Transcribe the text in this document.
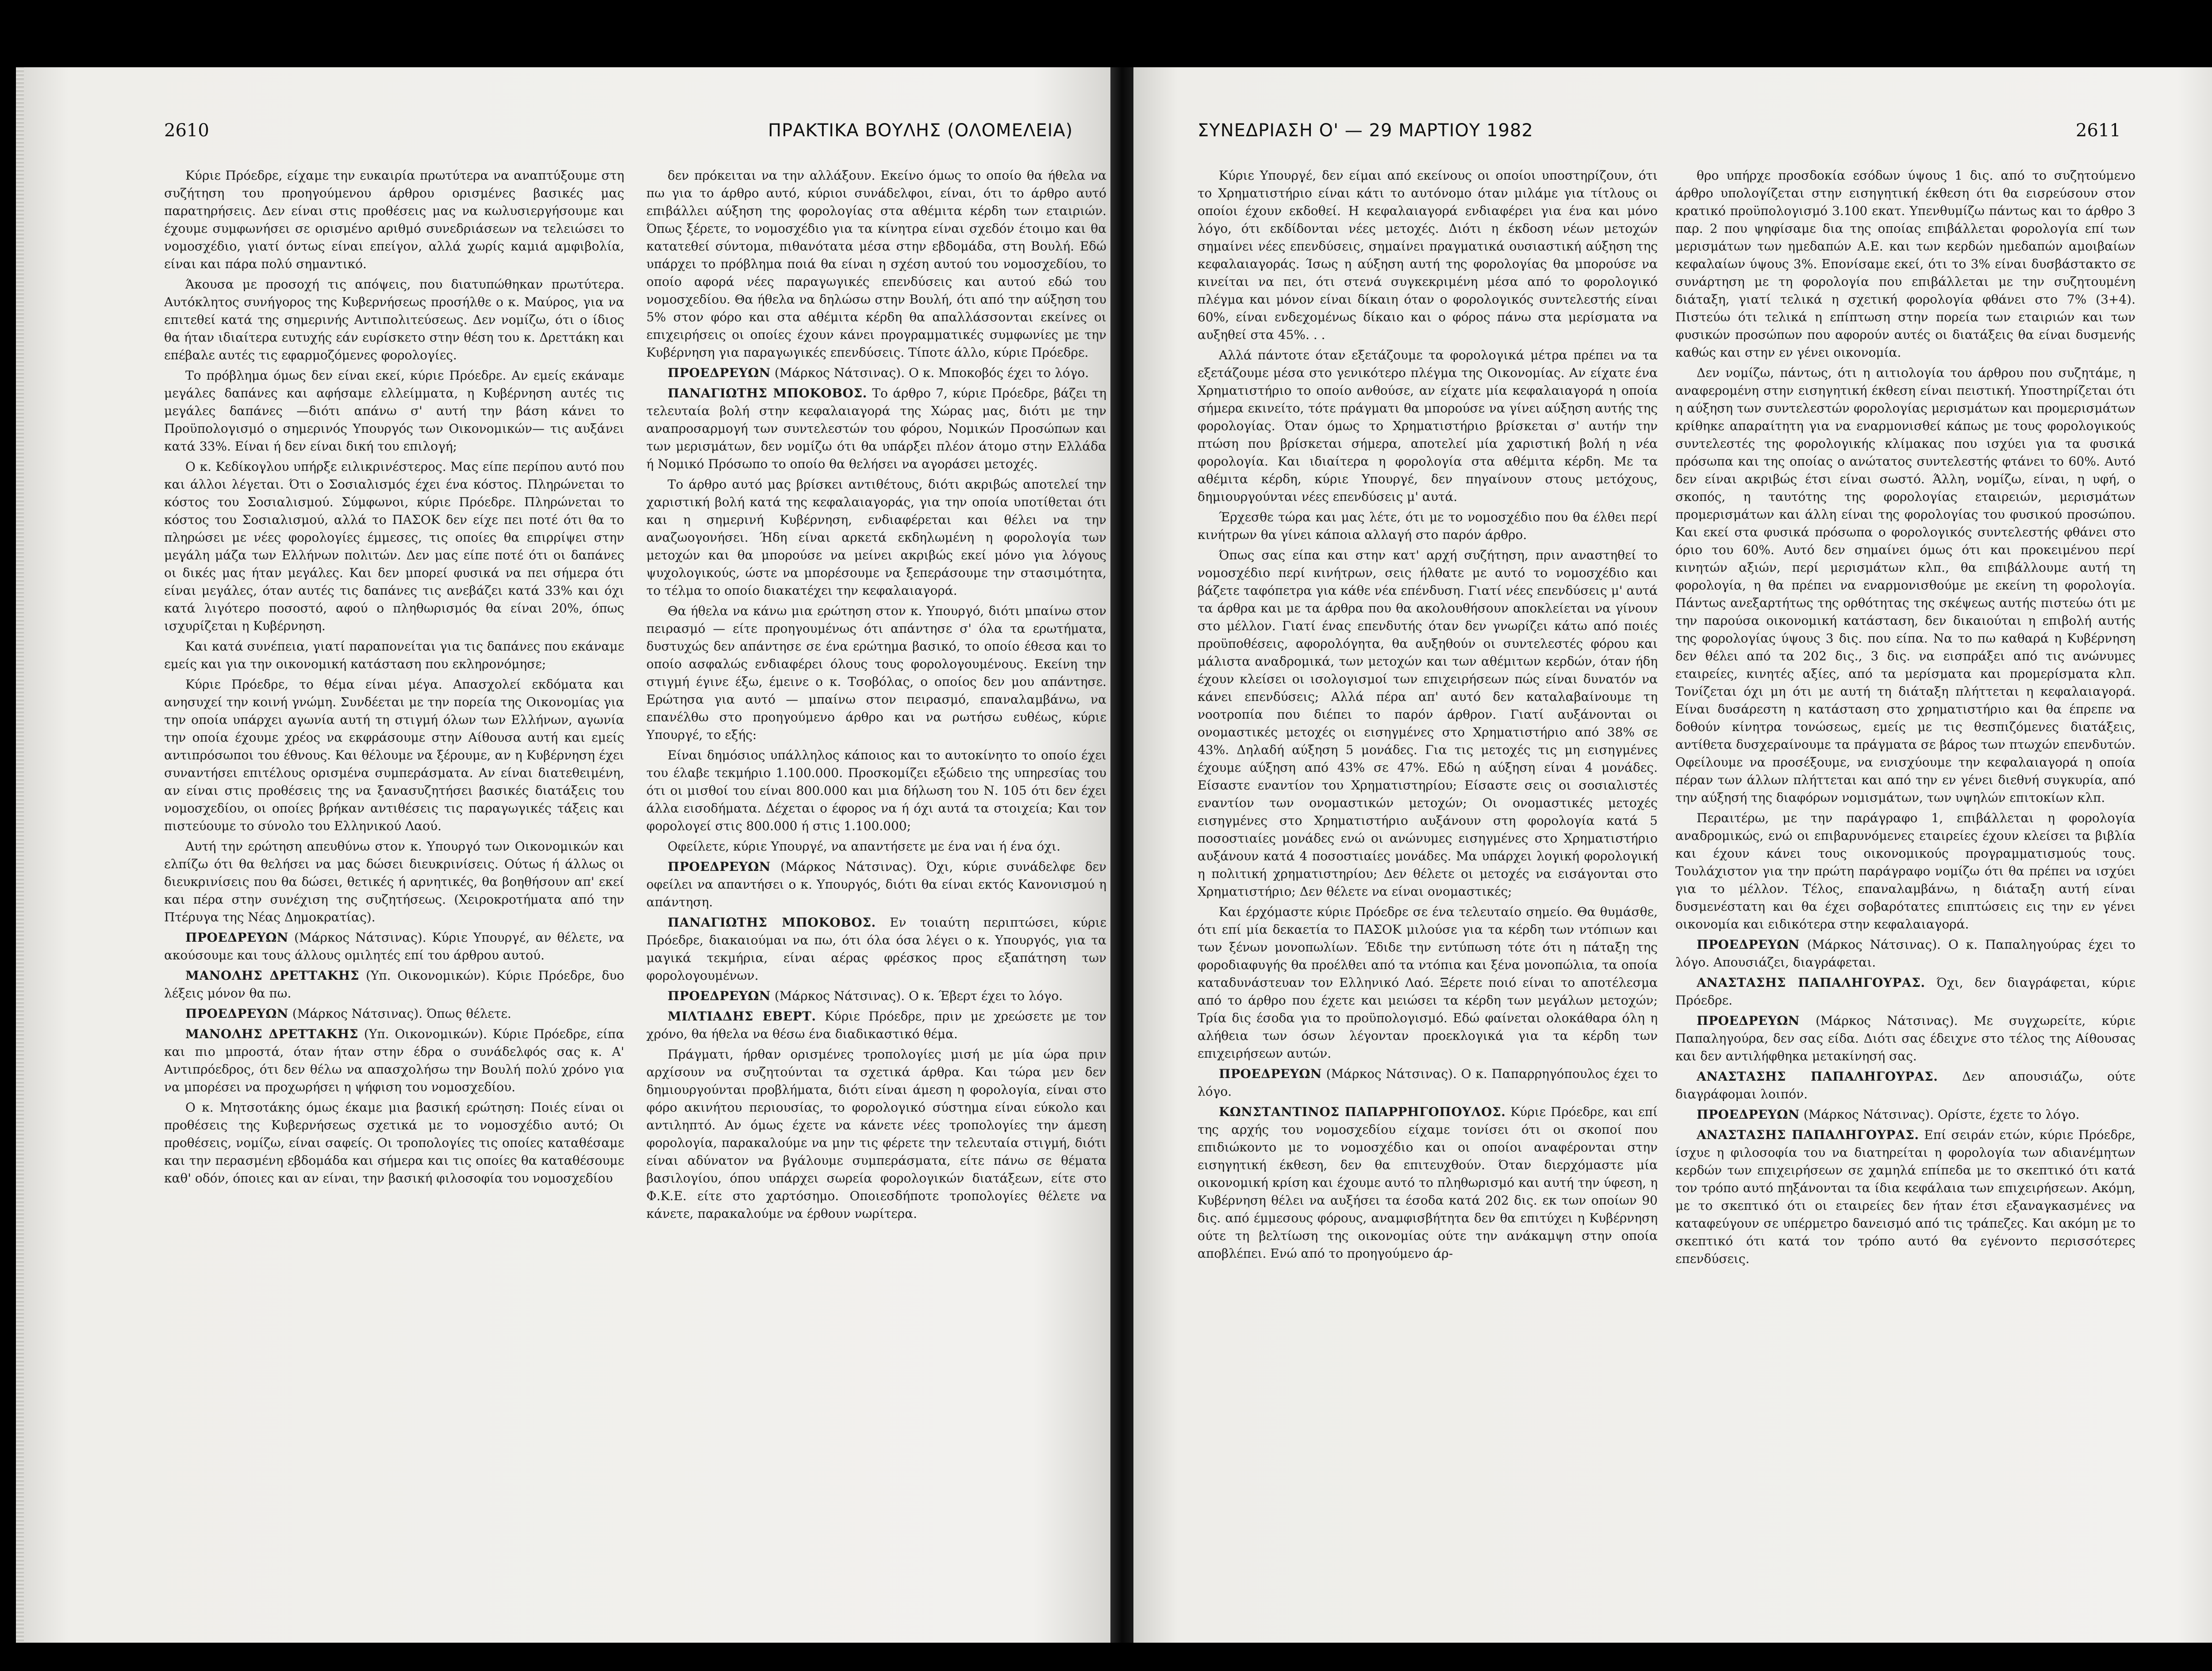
2610	ΠΡΑΚΤΙΚΑ ΒΟΥΛΗΣ (ΟΛΟΜΕΛΕΙΑ)

Κύριε Πρόεδρε, είχαμε την ευκαιρία πρωτύτερα να αναπτύξουμε στη συζήτηση του προηγούμενου άρθρου ορισμένες βασικές μας παρατηρήσεις. Δεν είναι στις προθέσεις μας να κωλυσιεργήσουμε και έχουμε συμφωνήσει σε ορισμένο αριθμό συνεδριάσεων να τελειώσει το νομοσχέδιο, γιατί όντως είναι επείγον, αλλά χωρίς καμιά αμφιβολία, είναι και πάρα πολύ σημαντικό.

Άκουσα με προσοχή τις απόψεις, που διατυπώθηκαν πρωτύτερα. Αυτόκλητος συνήγορος της Κυβερνήσεως προσήλθε ο κ. Μαύρος, για να επιτεθεί κατά της σημερινής Αντιπολιτεύσεως. Δεν νομίζω, ότι ο ίδιος θα ήταν ιδιαίτερα ευτυχής εάν ευρίσκετο στην θέση του κ. Δρεττάκη και επέβαλε αυτές τις εφαρμοζόμενες φορολογίες.

Το πρόβλημα όμως δεν είναι εκεί, κύριε Πρόεδρε. Αν εμείς εκάναμε μεγάλες δαπάνες και αφήσαμε ελλείμματα, η Κυβέρνηση αυτές τις μεγάλες δαπάνες —διότι απάνω σ' αυτή την βάση κάνει το Προϋπολογισμό ο σημερινός Υπουργός των Οικονομικών— τις αυξάνει κατά 33%. Είναι ή δεν είναι δική του επιλογή;

Ο κ. Κεδίκογλου υπήρξε ειλικρινέστερος. Μας είπε περίπου αυτό που και άλλοι λέγεται. Ότι ο Σοσιαλισμός έχει ένα κόστος. Πληρώνεται το κόστος του Σοσιαλισμού. Σύμφωνοι, κύριε Πρόεδρε. Πληρώνεται το κόστος του Σοσιαλισμού, αλλά το ΠΑΣΟΚ δεν είχε πει ποτέ ότι θα το πληρώσει με νέες φορολογίες έμμεσες, τις οποίες θα επιρρίψει στην μεγάλη μάζα των Ελλήνων πολιτών. Δεν μας είπε ποτέ ότι οι δαπάνες οι δικές μας ήταν μεγάλες. Και δεν μπορεί φυσικά να πει σήμερα ότι είναι μεγάλες, όταν αυτές τις δαπάνες τις ανεβάζει κατά 33% και όχι κατά λιγότερο ποσοστό, αφού ο πληθωρισμός θα είναι 20%, όπως ισχυρίζεται η Κυβέρνηση.

Και κατά συνέπεια, γιατί παραπονείται για τις δαπάνες που εκάναμε εμείς και για την οικονομική κατάσταση που εκληρονόμησε;

Κύριε Πρόεδρε, το θέμα είναι μέγα. Απασχολεί εκδόματα και ανησυχεί την κοινή γνώμη. Συνδέεται με την πορεία της Οικονομίας για την οποία υπάρχει αγωνία αυτή τη στιγμή όλων των Ελλήνων, αγωνία την οποία έχουμε χρέος να εκφράσουμε στην Αίθουσα αυτή και εμείς αντιπρόσωποι του έθνους. Και θέλουμε να ξέρουμε, αν η Κυβέρνηση έχει συναντήσει επιτέλους ορισμένα συμπεράσματα. Αν είναι διατεθειμένη, αν είναι στις προθέσεις της να ξανασυζητήσει βασικές διατάξεις του νομοσχεδίου, οι οποίες βρήκαν αντιθέσεις τις παραγωγικές τάξεις και πιστεύουμε το σύνολο του Ελληνικού Λαού.

Αυτή την ερώτηση απευθύνω στον κ. Υπουργό των Οικονομικών και ελπίζω ότι θα θελήσει να μας δώσει διευκρινίσεις. Ούτως ή άλλως οι διευκρινίσεις που θα δώσει, θετικές ή αρνητικές, θα βοηθήσουν απ' εκεί και πέρα στην συνέχιση της συζητήσεως. (Χειροκροτήματα από την Πτέρυγα της Νέας Δημοκρατίας).

ΠΡΟΕΔΡΕΥΩΝ (Μάρκος Νάτσινας). Κύριε Υπουργέ, αν θέλετε, να ακούσουμε και τους άλλους ομιλητές επί του άρθρου αυτού.

ΜΑΝΟΛΗΣ ΔΡΕΤΤΑΚΗΣ (Υπ. Οικονομικών). Κύριε Πρόεδρε, δυο λέξεις μόνον θα πω.

ΠΡΟΕΔΡΕΥΩΝ (Μάρκος Νάτσινας). Όπως θέλετε.

ΜΑΝΟΛΗΣ ΔΡΕΤΤΑΚΗΣ (Υπ. Οικονομικών). Κύριε Πρόεδρε, είπα και πιο μπροστά, όταν ήταν στην έδρα ο συνάδελφός σας κ. Α' Αντιπρόεδρος, ότι δεν θέλω να απασχολήσω την Βουλή πολύ χρόνο για να μπορέσει να προχωρήσει η ψήφιση του νομοσχεδίου.

Ο κ. Μητσοτάκης όμως έκαμε μια βασική ερώτηση: Ποιές είναι οι προθέσεις της Κυβερνήσεως σχετικά με το νομοσχέδιο αυτό; Οι προθέσεις, νομίζω, είναι σαφείς. Οι τροπολογίες τις οποίες καταθέσαμε και την περασμένη εβδομάδα και σήμερα και τις οποίες θα καταθέσουμε καθ' οδόν, όποιες και αν είναι, την βασική φιλοσοφία του νομοσχεδίου

δεν πρόκειται να την αλλάξουν. Εκείνο όμως το οποίο θα ήθελα να πω για το άρθρο αυτό, κύριοι συνάδελφοι, είναι, ότι το άρθρο αυτό επιβάλλει αύξηση της φορολογίας στα αθέμιτα κέρδη των εταιριών. Όπως ξέρετε, το νομοσχέδιο για τα κίνητρα είναι σχεδόν έτοιμο και θα κατατεθεί σύντομα, πιθανότατα μέσα στην εβδομάδα, στη Βουλή. Εδώ υπάρχει το πρόβλημα ποιά θα είναι η σχέση αυτού του νομοσχεδίου, το οποίο αφορά νέες παραγωγικές επενδύσεις και αυτού εδώ του νομοσχεδίου. Θα ήθελα να δηλώσω στην Βουλή, ότι από την αύξηση του 5% στον φόρο και στα αθέμιτα κέρδη θα απαλλάσσονται εκείνες οι επιχειρήσεις οι οποίες έχουν κάνει προγραμματικές συμφωνίες με την Κυβέρνηση για παραγωγικές επενδύσεις. Τίποτε άλλο, κύριε Πρόεδρε.

ΠΡΟΕΔΡΕΥΩΝ (Μάρκος Νάτσινας). Ο κ. Μποκοβός έχει το λόγο.

ΠΑΝΑΓΙΩΤΗΣ ΜΠΟΚΟΒΟΣ. Το άρθρο 7, κύριε Πρόεδρε, βάζει τη τελευταία βολή στην κεφαλαιαγορά της Χώρας μας, διότι με την αναπροσαρμογή των συντελεστών του φόρου, Νομικών Προσώπων και των μερισμάτων, δεν νομίζω ότι θα υπάρξει πλέον άτομο στην Ελλάδα ή Νομικό Πρόσωπο το οποίο θα θελήσει να αγοράσει μετοχές.

Το άρθρο αυτό μας βρίσκει αντιθέτους, διότι ακριβώς αποτελεί την χαριστική βολή κατά της κεφαλαιαγοράς, για την οποία υποτίθεται ότι και η σημερινή Κυβέρνηση, ενδιαφέρεται και θέλει να την αναζωογονήσει. Ήδη είναι αρκετά εκδηλωμένη η φορολογία των μετοχών και θα μπορούσε να μείνει ακριβώς εκεί μόνο για λόγους ψυχολογικούς, ώστε να μπορέσουμε να ξεπεράσουμε την στασιμότητα, το τέλμα το οποίο διακατέχει την κεφαλαιαγορά.

Θα ήθελα να κάνω μια ερώτηση στον κ. Υπουργό, διότι μπαίνω στον πειρασμό — είτε προηγουμένως ότι απάντησε σ' όλα τα ερωτήματα, δυστυχώς δεν απάντησε σε ένα ερώτημα βασικό, το οποίο έθεσα και το οποίο ασφαλώς ενδιαφέρει όλους τους φορολογουμένους. Εκείνη την στιγμή έγινε έξω, έμεινε ο κ. Τσοβόλας, ο οποίος δεν μου απάντησε. Ερώτησα για αυτό — μπαίνω στον πειρασμό, επαναλαμβάνω, να επανέλθω στο προηγούμενο άρθρο και να ρωτήσω ευθέως, κύριε Υπουργέ, το εξής:

Είναι δημόσιος υπάλληλος κάποιος και το αυτοκίνητο το οποίο έχει του έλαβε τεκμήριο 1.100.000. Προσκομίζει εξώδειο της υπηρεσίας του ότι οι μισθοί του είναι 800.000 και μια δήλωση του Ν. 105 ότι δεν έχει άλλα εισοδήματα. Δέχεται ο έφορος να ή όχι αυτά τα στοιχεία; Και τον φορολογεί στις 800.000 ή στις 1.100.000;

Οφείλετε, κύριε Υπουργέ, να απαντήσετε με ένα ναι ή ένα όχι.

ΠΡΟΕΔΡΕΥΩΝ (Μάρκος Νάτσινας). Όχι, κύριε συνάδελφε δεν οφείλει να απαντήσει ο κ. Υπουργός, διότι θα είναι εκτός Κανονισμού η απάντηση.

ΠΑΝΑΓΙΩΤΗΣ ΜΠΟΚΟΒΟΣ. Εν τοιαύτη περιπτώσει, κύριε Πρόεδρε, διακαιούμαι να πω, ότι όλα όσα λέγει ο κ. Υπουργός, για τα μαγικά τεκμήρια, είναι αέρας φρέσκος προς εξαπάτηση των φορολογουμένων.

ΠΡΟΕΔΡΕΥΩΝ (Μάρκος Νάτσινας). Ο κ. Έβερτ έχει το λόγο.

ΜΙΛΤΙΑΔΗΣ ΕΒΕΡΤ. Κύριε Πρόεδρε, πριν με χρεώσετε με τον χρόνο, θα ήθελα να θέσω ένα διαδικαστικό θέμα.

Πράγματι, ήρθαν ορισμένες τροπολογίες μισή με μία ώρα πριν αρχίσουν να συζητούνται τα σχετικά άρθρα. Και τώρα μεν δεν δημιουργούνται προβλήματα, διότι είναι άμεση η φορολογία, είναι στο φόρο ακινήτου περιουσίας, το φορολογικό σύστημα είναι εύκολο και αντιληπτό. Αν όμως έχετε να κάνετε νέες τροπολογίες την άμεση φορολογία, παρακαλούμε να μην τις φέρετε την τελευταία στιγμή, διότι είναι αδύνατον να βγάλουμε συμπεράσματα, είτε πάνω σε θέματα βασιλογίου, όπου υπάρχει σωρεία φορολογικών διατάξεων, είτε στο Φ.Κ.Ε. είτε στο χαρτόσημο. Οποιεσδήποτε τροπολογίες θέλετε να κάνετε, παρακαλούμε να έρθουν νωρίτερα.

ΣΥΝΕΔΡΙΑΣΗ Ο' — 29 ΜΑΡΤΙΟΥ 1982	2611

Κύριε Υπουργέ, δεν είμαι από εκείνους οι οποίοι υποστηρίζουν, ότι το Χρηματιστήριο είναι κάτι το αυτόνομο όταν μιλάμε για τίτλους οι οποίοι έχουν εκδοθεί. Η κεφαλαιαγορά ενδιαφέρει για ένα και μόνο λόγο, ότι εκδίδονται νέες μετοχές. Διότι η έκδοση νέων μετοχών σημαίνει νέες επενδύσεις, σημαίνει πραγματικά ουσιαστική αύξηση της κεφαλαιαγοράς. Ίσως η αύξηση αυτή της φορολογίας θα μπορούσε να κινείται να πει, ότι στενά συγκεκριμένη μέσα από το φορολογικό πλέγμα και μόνον είναι δίκαιη όταν ο φορολογικός συντελεστής είναι 60%, είναι ενδεχομένως δίκαιο και ο φόρος πάνω στα μερίσματα να αυξηθεί στα 45%. . .

Αλλά πάντοτε όταν εξετάζουμε τα φορολογικά μέτρα πρέπει να τα εξετάζουμε μέσα στο γενικότερο πλέγμα της Οικονομίας. Αν είχατε ένα Χρηματιστήριο το οποίο ανθούσε, αν είχατε μία κεφαλαιαγορά η οποία σήμερα εκινείτο, τότε πράγματι θα μπορούσε να γίνει αύξηση αυτής της φορολογίας. Όταν όμως το Χρηματιστήριο βρίσκεται σ' αυτήν την πτώση που βρίσκεται σήμερα, αποτελεί μία χαριστική βολή η νέα φορολογία. Και ιδιαίτερα η φορολογία στα αθέμιτα κέρδη. Με τα αθέμιτα κέρδη, κύριε Υπουργέ, δεν πηγαίνουν στους μετόχους, δημιουργούνται νέες επενδύσεις μ' αυτά.

Έρχεσθε τώρα και μας λέτε, ότι με το νομοσχέδιο που θα έλθει περί κινήτρων θα γίνει κάποια αλλαγή στο παρόν άρθρο.

Όπως σας είπα και στην κατ' αρχή συζήτηση, πριν αναστηθεί το νομοσχέδιο περί κινήτρων, σεις ήλθατε με αυτό το νομοσχέδιο και βάζετε ταφόπετρα για κάθε νέα επένδυση. Γιατί νέες επενδύσεις μ' αυτά τα άρθρα και με τα άρθρα που θα ακολουθήσουν αποκλείεται να γίνουν στο μέλλον. Γιατί ένας επενδυτής όταν δεν γνωρίζει κάτω από ποιές προϋποθέσεις, αφορολόγητα, θα αυξηθούν οι συντελεστές φόρου και μάλιστα αναδρομικά, των μετοχών και των αθέμιτων κερδών, όταν ήδη έχουν κλείσει οι ισολογισμοί των επιχειρήσεων πώς είναι δυνατόν να κάνει επενδύσεις; Αλλά πέρα απ' αυτό δεν καταλαβαίνουμε τη νοοτροπία που διέπει το παρόν άρθρον. Γιατί αυξάνονται οι ονομαστικές μετοχές οι εισηγμένες στο Χρηματιστήριο από 38% σε 43%. Δηλαδή αύξηση 5 μονάδες. Για τις μετοχές τις μη εισηγμένες έχουμε αύξηση από 43% σε 47%. Εδώ η αύξηση είναι 4 μονάδες. Είσαστε εναντίον του Χρηματιστηρίου; Είσαστε σεις οι σοσιαλιστές εναντίον των ονομαστικών μετοχών; Οι ονομαστικές μετοχές εισηγμένες στο Χρηματιστήριο αυξάνουν στη φορολογία κατά 5 ποσοστιαίες μονάδες ενώ οι ανώνυμες εισηγμένες στο Χρηματιστήριο αυξάνουν κατά 4 ποσοστιαίες μονάδες. Μα υπάρχει λογική φορολογική η πολιτική χρηματιστηρίου; Δεν θέλετε οι μετοχές να εισάγονται στο Χρηματιστήριο; Δεν θέλετε να είναι ονομαστικές;

Και έρχόμαστε κύριε Πρόεδρε σε ένα τελευταίο σημείο. Θα θυμάσθε, ότι επί μία δεκαετία το ΠΑΣΟΚ μιλούσε για τα κέρδη των ντόπιων και των ξένων μονοπωλίων. Έδιδε την εντύπωση τότε ότι η πάταξη της φοροδιαφυγής θα προέλθει από τα ντόπια και ξένα μονοπώλια, τα οποία καταδυνάστευαν τον Ελληνικό Λαό. Ξέρετε ποιό είναι το αποτέλεσμα από το άρθρο που έχετε και μειώσει τα κέρδη των μεγάλων μετοχών; Τρία δις έσοδα για το προϋπολογισμό. Εδώ φαίνεται ολοκάθαρα όλη η αλήθεια των όσων λέγονταν προεκλογικά για τα κέρδη των επιχειρήσεων αυτών.

ΠΡΟΕΔΡΕΥΩΝ (Μάρκος Νάτσινας). Ο κ. Παπαρρηγόπουλος έχει το λόγο.

ΚΩΝΣΤΑΝΤΙΝΟΣ ΠΑΠΑΡΡΗΓΟΠΟΥΛΟΣ. Κύριε Πρόεδρε, και επί της αρχής του νομοσχεδίου είχαμε τονίσει ότι οι σκοποί που επιδιώκοντο με το νομοσχέδιο και οι οποίοι αναφέρονται στην εισηγητική έκθεση, δεν θα επιτευχθούν. Όταν διερχόμαστε μία οικονομική κρίση και έχουμε αυτό το πληθωρισμό και αυτή την ύφεση, η Κυβέρνηση θέλει να αυξήσει τα έσοδα κατά 202 δις. εκ των οποίων 90 δις. από έμμεσους φόρους, αναμφισβήτητα δεν θα επιτύχει η Κυβέρνηση ούτε τη βελτίωση της οικονομίας ούτε την ανάκαμψη στην οποία αποβλέπει. Ενώ από το προηγούμενο άρ-

θρο υπήρχε προσδοκία εσόδων ύψους 1 δις. από το συζητούμενο άρθρο υπολογίζεται στην εισηγητική έκθεση ότι θα εισρεύσουν στον κρατικό προϋπολογισμό 3.100 εκατ. Υπενθυμίζω πάντως και το άρθρο 3 παρ. 2 που ψηφίσαμε δια της οποίας επιβάλλεται φορολογία επί των μερισμάτων των ημεδαπών Α.Ε. και των κερδών ημεδαπών αμοιβαίων κεφαλαίων ύψους 3%. Επονίσαμε εκεί, ότι το 3% είναι δυσβάστακτο σε συνάρτηση με τη φορολογία που επιβάλλεται με την συζητουμένη διάταξη, γιατί τελικά η σχετική φορολογία φθάνει στο 7% (3+4). Πιστεύω ότι τελικά η επίπτωση στην πορεία των εταιριών και των φυσικών προσώπων που αφορούν αυτές οι διατάξεις θα είναι δυσμενής καθώς και στην εν γένει οικονομία.

Δεν νομίζω, πάντως, ότι η αιτιολογία του άρθρου που συζητάμε, η αναφερομένη στην εισηγητική έκθεση είναι πειστική. Υποστηρίζεται ότι η αύξηση των συντελεστών φορολογίας μερισμάτων και προμερισμάτων κρίθηκε απαραίτητη για να εναρμονισθεί κάπως με τους φορολογικούς συντελεστές της φορολογικής κλίμακας που ισχύει για τα φυσικά πρόσωπα και της οποίας ο ανώτατος συντελεστής φτάνει το 60%. Αυτό δεν είναι ακριβώς έτσι είναι σωστό. Άλλη, νομίζω, είναι, η υφή, ο σκοπός, η ταυτότης της φορολογίας εταιρειών, μερισμάτων προμερισμάτων και άλλη είναι της φορολογίας του φυσικού προσώπου. Και εκεί στα φυσικά πρόσωπα ο φορολογικός συντελεστής φθάνει στο όριο του 60%. Αυτό δεν σημαίνει όμως ότι και προκειμένου περί κινητών αξιών, περί μερισμάτων κλπ., θα επιβάλλουμε αυτή τη φορολογία, η θα πρέπει να εναρμονισθούμε με εκείνη τη φορολογία. Πάντως ανεξαρτήτως της ορθότητας της σκέψεως αυτής πιστεύω ότι με την παρούσα οικονομική κατάσταση, δεν δικαιούται η επιβολή αυτής της φορολογίας ύψους 3 δις. που είπα. Να το πω καθαρά η Κυβέρνηση δεν θέλει από τα 202 δις., 3 δις. να εισπράξει από τις ανώνυμες εταιρείες, κινητές αξίες, από τα μερίσματα και προμερίσματα κλπ. Τονίζεται όχι μη ότι με αυτή τη διάταξη πλήττεται η κεφαλαιαγορά. Είναι δυσάρεστη η κατάσταση στο χρηματιστήριο και θα έπρεπε να δοθούν κίνητρα τονώσεως, εμείς με τις θεσπιζόμενες διατάξεις, αντίθετα δυσχεραίνουμε τα πράγματα σε βάρος των πτωχών επενδυτών. Οφείλουμε να προσέξουμε, να ενισχύουμε την κεφαλαιαγορά η οποία πέραν των άλλων πλήττεται και από την εν γένει διεθνή συγκυρία, από την αύξησή της διαφόρων νομισμάτων, των υψηλών επιτοκίων κλπ.

Περαιτέρω, με την παράγραφο 1, επιβάλλεται η φορολογία αναδρομικώς, ενώ οι επιβαρυνόμενες εταιρείες έχουν κλείσει τα βιβλία και έχουν κάνει τους οικονομικούς προγραμματισμούς τους. Τουλάχιστον για την πρώτη παράγραφο νομίζω ότι θα πρέπει να ισχύει για το μέλλον. Τέλος, επαναλαμβάνω, η διάταξη αυτή είναι δυσμενέστατη και θα έχει σοβαρότατες επιπτώσεις εις την εν γένει οικονομία και ειδικότερα στην κεφαλαιαγορά.

ΠΡΟΕΔΡΕΥΩΝ (Μάρκος Νάτσινας). Ο κ. Παπαληγούρας έχει το λόγο. Απουσιάζει, διαγράφεται.

ΑΝΑΣΤΑΣΗΣ ΠΑΠΑΛΗΓΟΥΡΑΣ. Όχι, δεν διαγράφεται, κύριε Πρόεδρε.

ΠΡΟΕΔΡΕΥΩΝ (Μάρκος Νάτσινας). Με συγχωρείτε, κύριε Παπαληγούρα, δεν σας είδα. Διότι σας έδειχνε στο τέλος της Αίθουσας και δεν αντιλήφθηκα μετακίνησή σας.

ΑΝΑΣΤΑΣΗΣ ΠΑΠΑΛΗΓΟΥΡΑΣ. Δεν απουσιάζω, ούτε διαγράφομαι λοιπόν.

ΠΡΟΕΔΡΕΥΩΝ (Μάρκος Νάτσινας). Ορίστε, έχετε το λόγο.

ΑΝΑΣΤΑΣΗΣ ΠΑΠΑΛΗΓΟΥΡΑΣ. Επί σειράν ετών, κύριε Πρόεδρε, ίσχυε η φιλοσοφία του να διατηρείται η φορολογία των αδιανέμητων κερδών των επιχειρήσεων σε χαμηλά επίπεδα με το σκεπτικό ότι κατά τον τρόπο αυτό πηξάνονται τα ίδια κεφάλαια των επιχειρήσεων. Ακόμη, με το σκεπτικό ότι οι εταιρείες δεν ήταν έτσι εξαναγκασμένες να καταφεύγουν σε υπέρμετρο δανεισμό από τις τράπεζες. Και ακόμη με το σκεπτικό ότι κατά τον τρόπο αυτό θα εγένοντο περισσότερες επενδύσεις.
